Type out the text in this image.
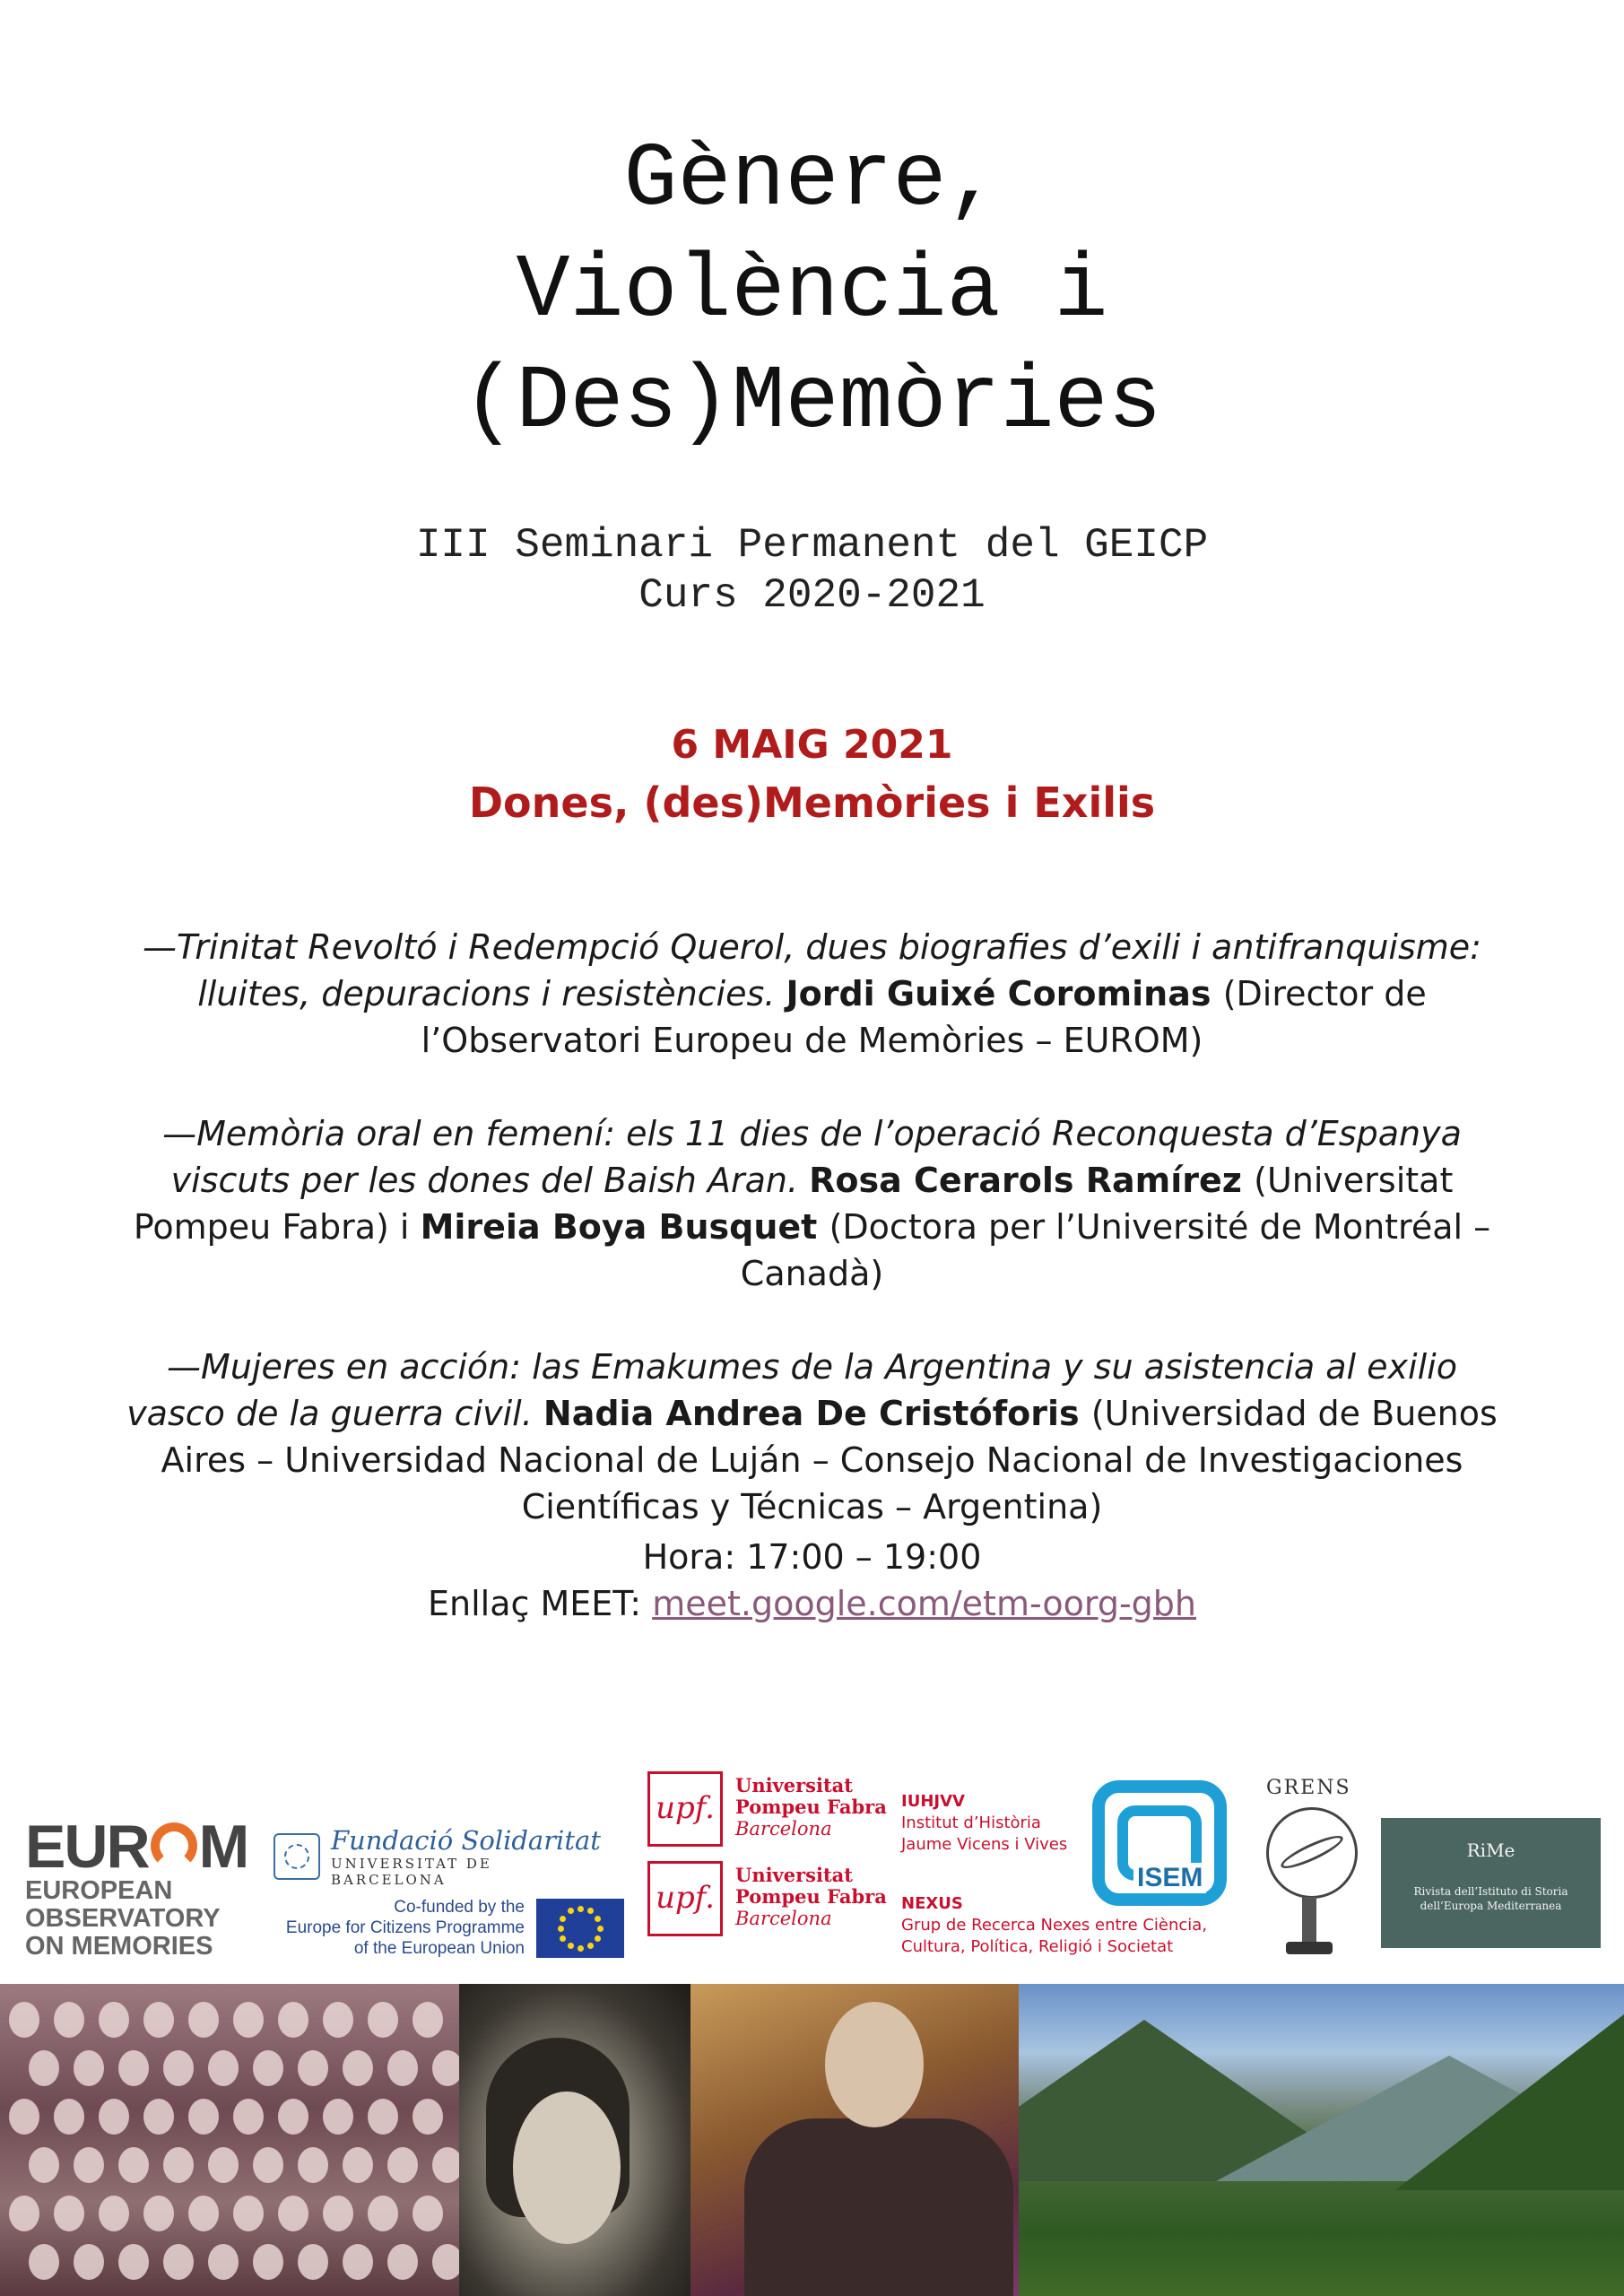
Gènere,
Violència i
(Des)Memòries
III Seminari Permanent del GEICP
Curs 2020-2021
6 MAIG 2021
Dones, (des)Memòries i Exilis
—Trinitat Revoltó i Redempció Querol, dues biografies d’exili i antifranquisme: lluites, depuracions i resistències. Jordi Guixé Corominas (Director de l’Observatori Europeu de Memòries – EUROM)
—Memòria oral en femení: els 11 dies de l’operació Reconquesta d’Espanya viscuts per les dones del Baish Aran. Rosa Cerarols Ramírez (Universitat Pompeu Fabra) i Mireia Boya Busquet (Doctora per l’Université de Montréal – Canadà)
—Mujeres en acción: las Emakumes de la Argentina y su asistencia al exilio vasco de la guerra civil. Nadia Andrea De Cristóforis (Universidad de Buenos Aires – Universidad Nacional de Luján – Consejo Nacional de Investigaciones Científicas y Técnicas – Argentina)
Hora: 17:00 – 19:00
Enllaç MEET: meet.google.com/etm-oorg-gbh
EUR M
EUROPEAN
OBSERVATORY
ON MEMORIES
Fundació Solidaritat
UNIVERSITAT DE BARCELONA
Co-funded by the
Europe for Citizens Programme
of the European Union
upf.
Universitat
Pompeu Fabra
Barcelona
upf.
Universitat
Pompeu Fabra
Barcelona
IUHJVV
Institut d’Història
Jaume Vicens i Vives
NEXUS
Grup de Recerca Nexes entre Ciència,
Cultura, Política, Religió i Societat
ISEM
GRENS
RiMe
Rivista dell’Istituto di Storia dell’Europa Mediterranea
